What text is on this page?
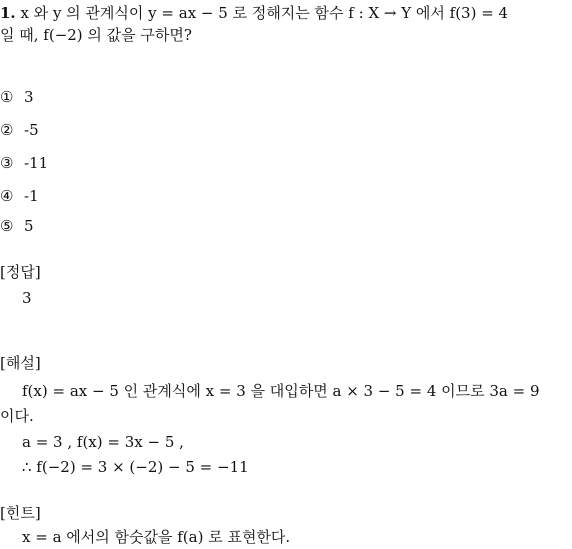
1. x 와 y 의 관계식이 y = ax − 5 로 정해지는 함수 f : X → Y 에서 f(3) = 4
일 때, f(−2) 의 값을 구하면?
① 3
② -5
③ -11
④ -1
⑤ 5
[정답]
3
[해설]
f(x) = ax − 5 인 관계식에 x = 3 을 대입하면 a × 3 − 5 = 4 이므로 3a = 9
이다.
a = 3 , f(x) = 3x − 5 ,
∴ f(−2) = 3 × (−2) − 5 = −11
[힌트]
x = a 에서의 함숫값을 f(a) 로 표현한다.
